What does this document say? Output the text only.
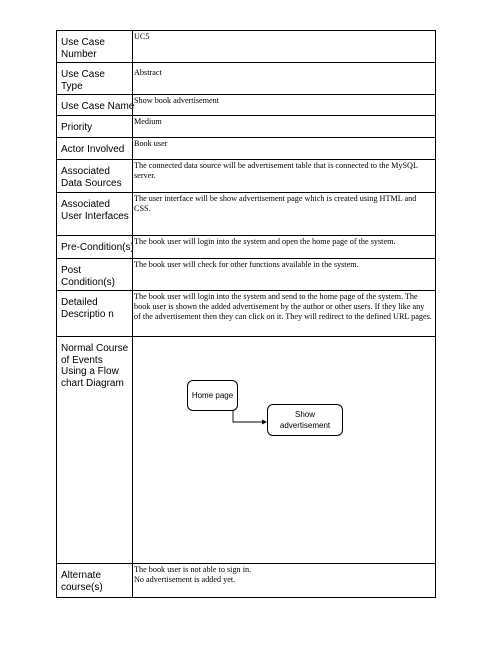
Use Case Number	UC5

Use Case Type	Abstract

Use Case Name	Show book advertisement

Priority	Medium

Actor Involved	Book user

Associated Data Sources	The connected data source will be advertisement table that is connected to the MySQL server.

Associated User Interfaces	The user interface will be show advertisement page which is created using HTML and CSS.

Pre-Condition(s)	The book user will login into the system and open the home page of the system.

Post Condition(s)	The book user will check for other functions available in the system.

Detailed Descriptio n	The book user will login into the system and send to the home page of the system. The book user is shown the added advertisement by the author or other users. If they like any of the advertisement then they can click on it. They will redirect to the defined URL pages.

Normal Course of Events Using a Flow chart Diagram	Home page
Show advertisement

Alternate course(s)	The book user is not able to sign in.

No advertisement is added yet.
